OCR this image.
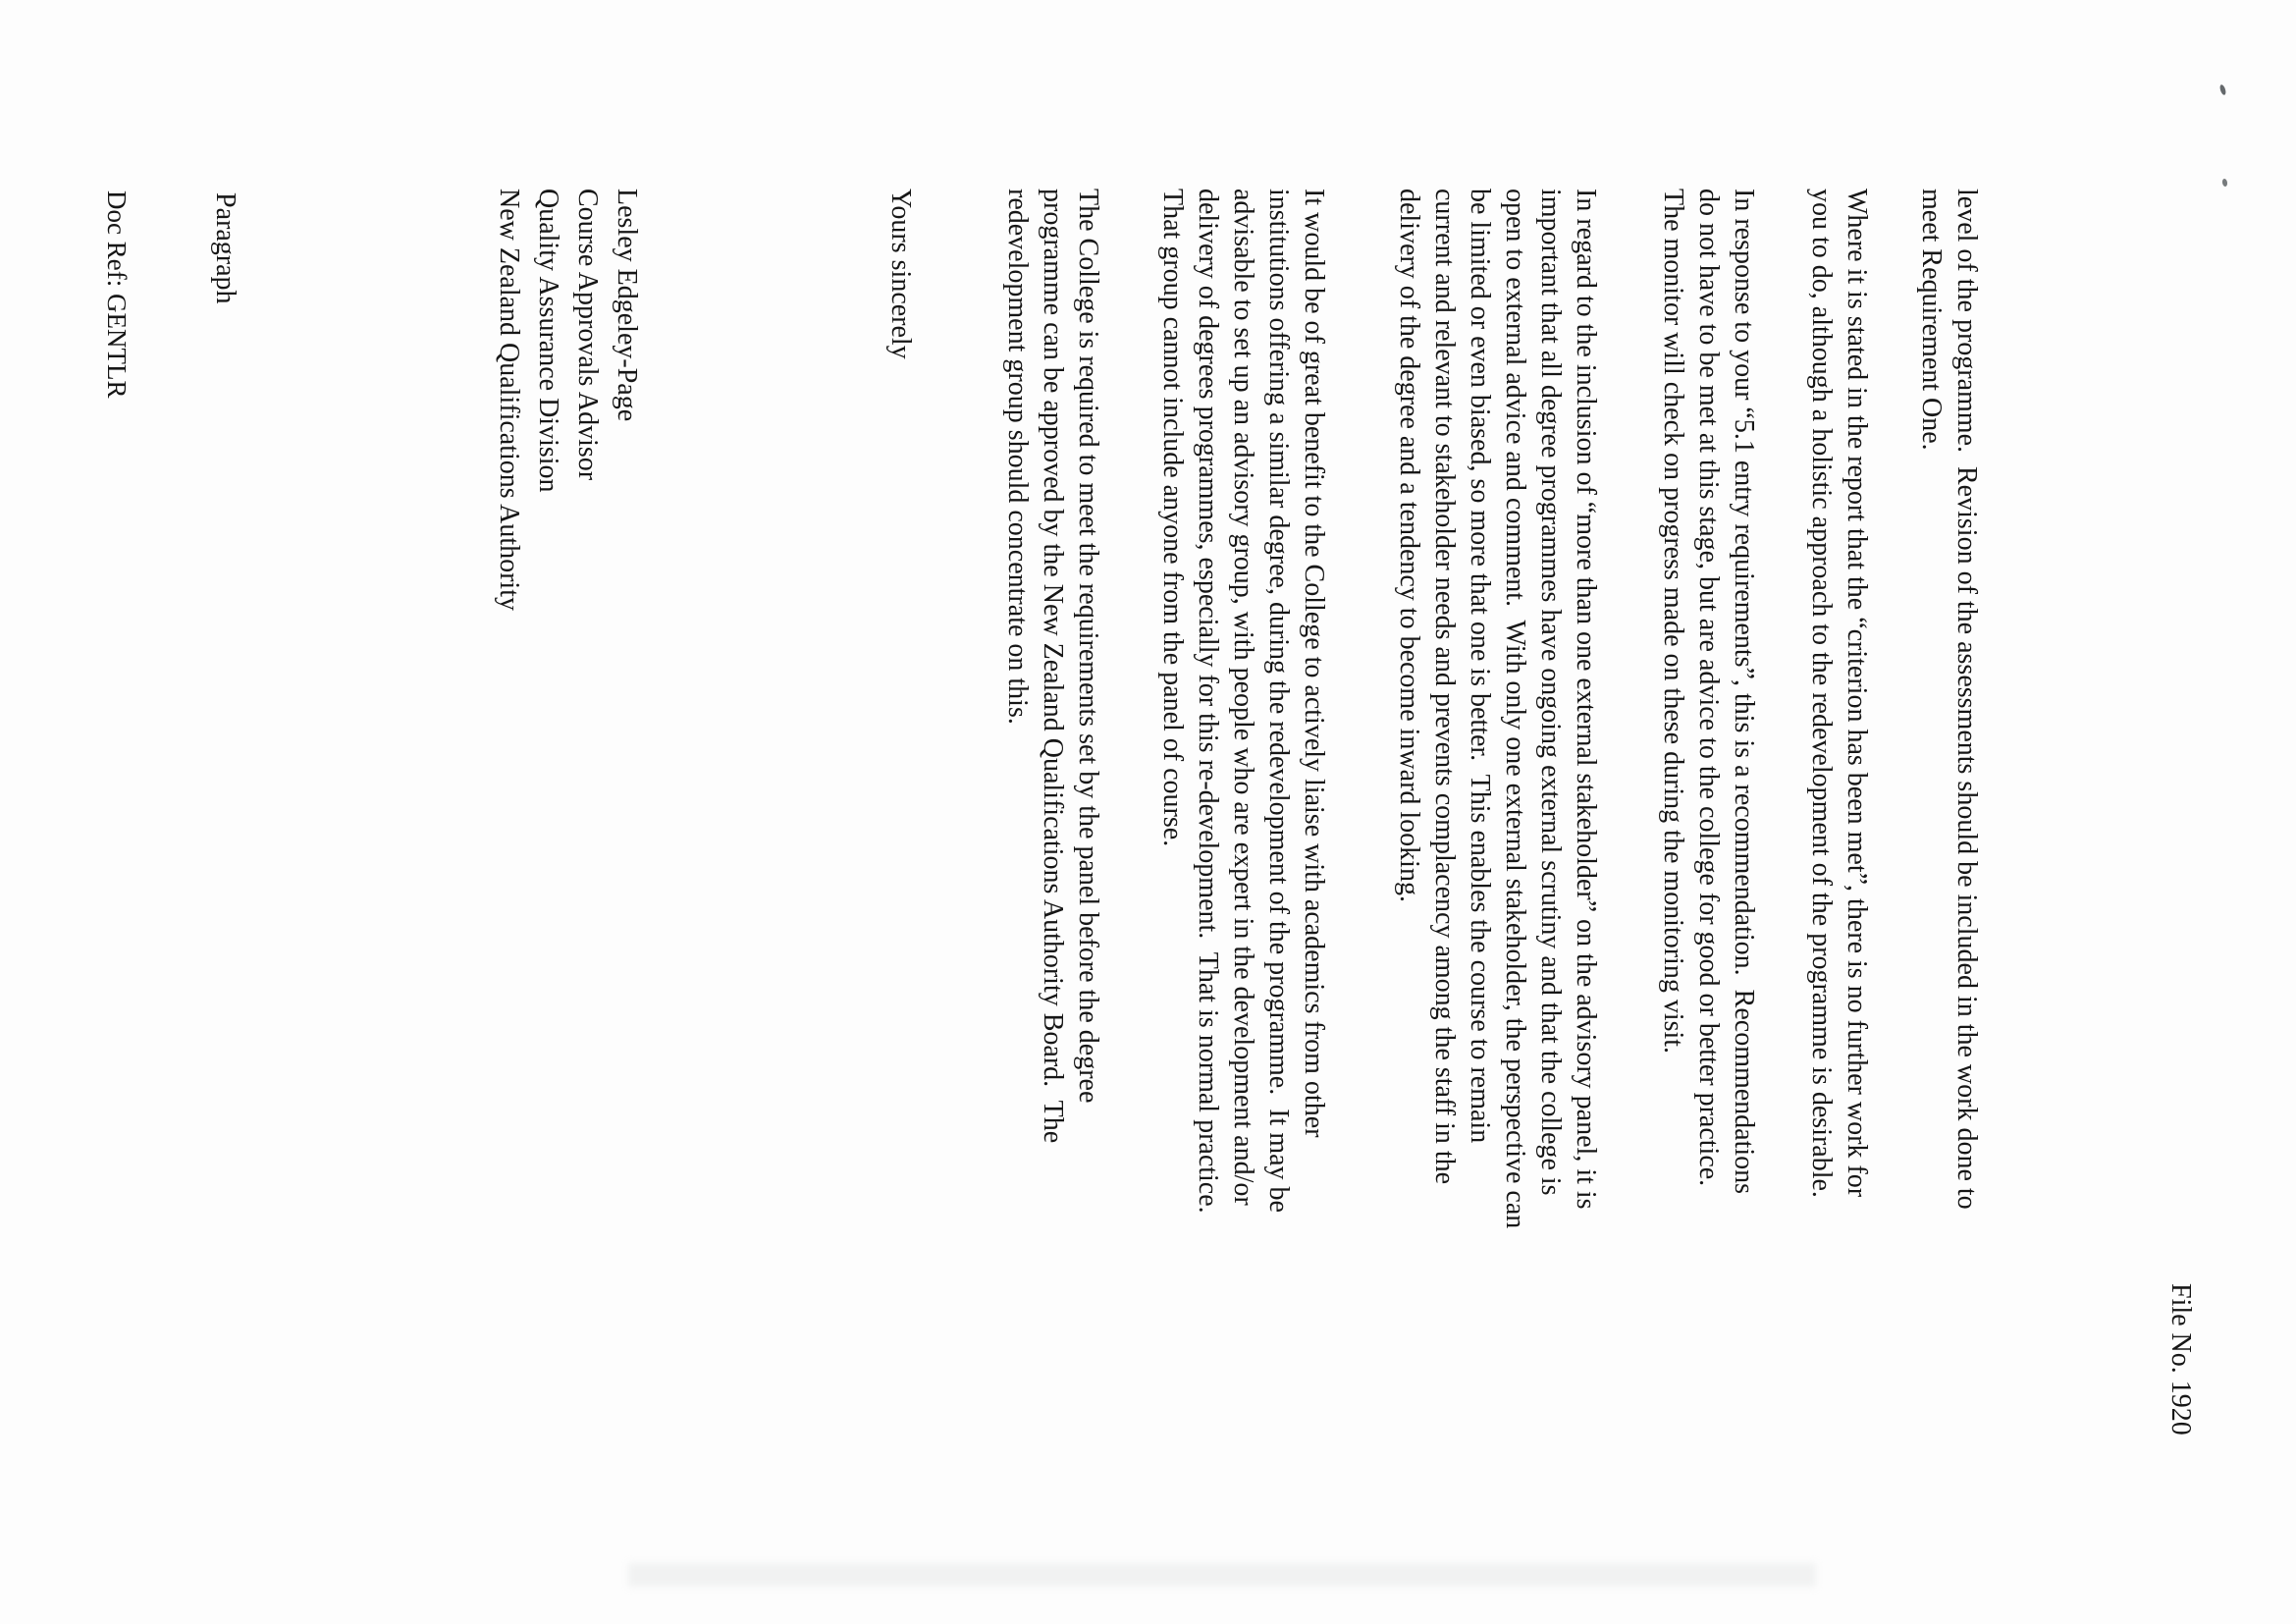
File No. 1920
level of the programme.  Revision of the assessments should be included in the work done to
meet Requirement One.
Where it is stated in the report that the “criterion has been met”, there is no further work for
you to do, although a holistic approach to the redevelopment of the programme is desirable.
In response to your “5.1 entry requirements”, this is a recommendation.  Recommendations
do not have to be met at this stage, but are advice to the college for good or better practice.
The monitor will check on progress made on these during the monitoring visit.
In regard to the inclusion of “more than one external stakeholder” on the advisory panel, it is
important that all degree programmes have ongoing external scrutiny and that the college is
open to external advice and comment.  With only one external stakeholder, the perspective can
be limited or even biased, so more that one is better.  This enables the course to remain
current and relevant to stakeholder needs and prevents complacency among the staff in the
delivery of the degree and a tendency to become inward looking.
It would be of great benefit to the College to actively liaise with academics from other
institutions offering a similar degree, during the redevelopment of the programme.  It may be
advisable to set up an advisory group, with people who are expert in the development and/or
delivery of degrees programmes, especially for this re-development.  That is normal practice.
That group cannot include anyone from the panel of course.
The College is required to meet the requirements set by the panel before the degree
programme can be approved by the New Zealand Qualifications Authority Board.  The
redevelopment group should concentrate on this.
Yours sincerely
Lesley Edgeley-Page
Course Approvals Advisor
Quality Assurance Division
New Zealand Qualifications Authority
Paragraph
Doc Ref: GENTLR
